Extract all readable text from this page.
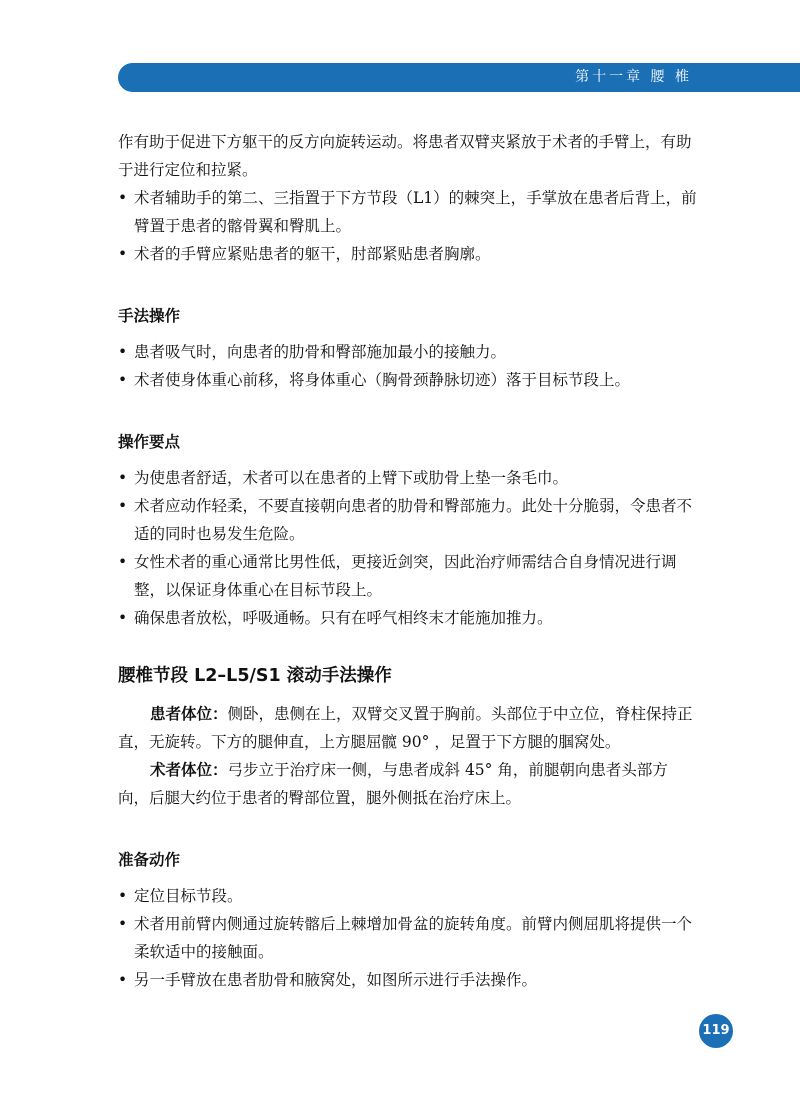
第十一章 腰 椎

作有助于促进下方躯干的反方向旋转运动。将患者双臂夹紧放于术者的手臂上，有助于进行定位和拉紧。

• 术者辅助手的第二、三指置于下方节段（L1）的棘突上，手掌放在患者后背上，前臂置于患者的髂骨翼和臀肌上。
• 术者的手臂应紧贴患者的躯干，肘部紧贴患者胸廓。

手法操作

• 患者吸气时，向患者的肋骨和臀部施加最小的接触力。
• 术者使身体重心前移，将身体重心（胸骨颈静脉切迹）落于目标节段上。

操作要点

• 为使患者舒适，术者可以在患者的上臂下或肋骨上垫一条毛巾。
• 术者应动作轻柔，不要直接朝向患者的肋骨和臀部施力。此处十分脆弱，令患者不适的同时也易发生危险。
• 女性术者的重心通常比男性低，更接近剑突，因此治疗师需结合自身情况进行调整，以保证身体重心在目标节段上。
• 确保患者放松，呼吸通畅。只有在呼气相终末才能施加推力。

腰椎节段 L2–L5/S1 滚动手法操作

患者体位：侧卧，患侧在上，双臂交叉置于胸前。头部位于中立位，脊柱保持正直，无旋转。下方的腿伸直，上方腿屈髋 90° ，足置于下方腿的腘窝处。

术者体位：弓步立于治疗床一侧，与患者成斜 45° 角，前腿朝向患者头部方向，后腿大约位于患者的臀部位置，腿外侧抵在治疗床上。

准备动作

• 定位目标节段。
• 术者用前臂内侧通过旋转髂后上棘增加骨盆的旋转角度。前臂内侧屈肌将提供一个柔软适中的接触面。
• 另一手臂放在患者肋骨和腋窝处，如图所示进行手法操作。
119
